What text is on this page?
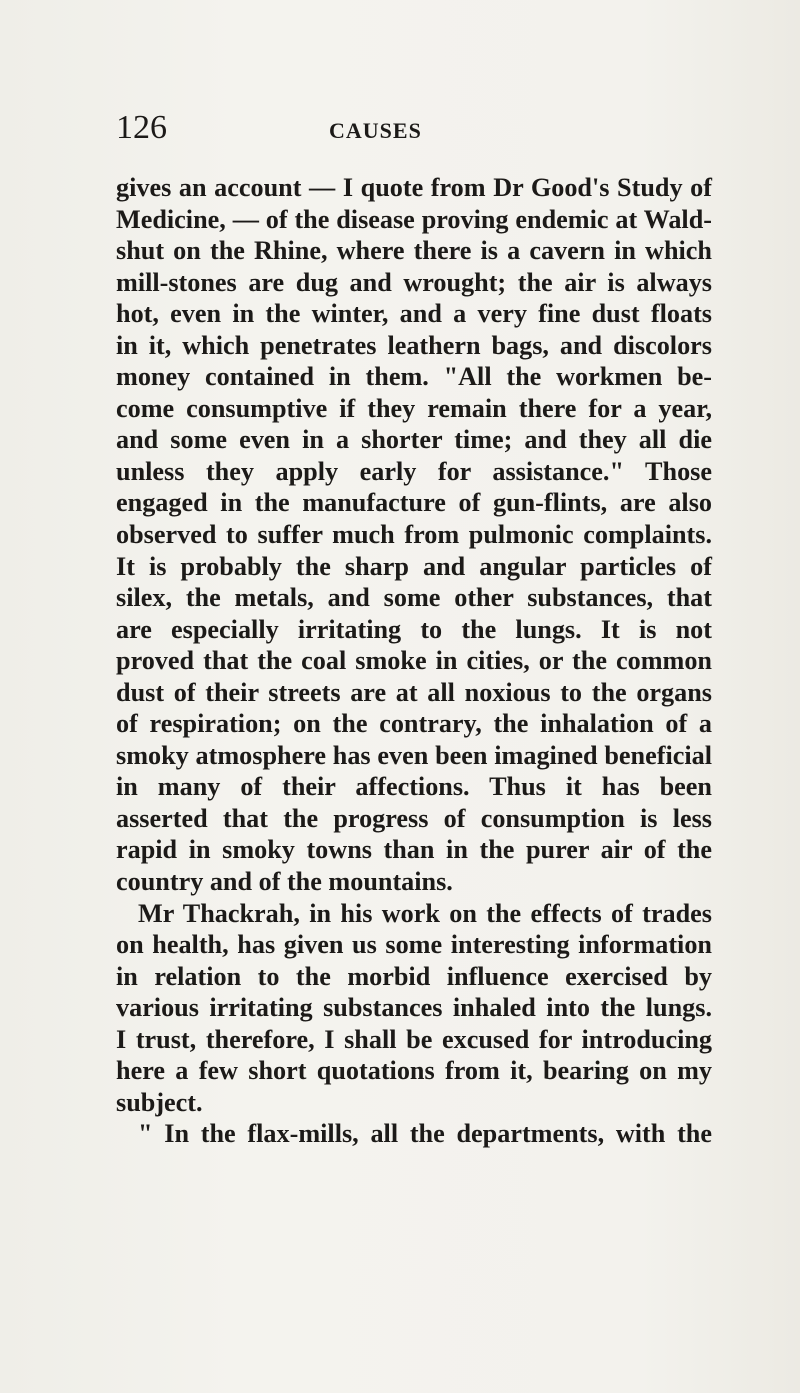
126	CAUSES
gives an account — I quote from Dr Good's Study of
Medicine, — of the disease proving endemic at Wald-
shut on the Rhine, where there is a cavern in which
mill-stones are dug and wrought; the air is always
hot, even in the winter, and a very fine dust floats
in it, which penetrates leathern bags, and discolors
money contained in them. "All the workmen be-
come consumptive if they remain there for a year,
and some even in a shorter time; and they all die
unless they apply early for assistance." Those
engaged in the manufacture of gun-flints, are also
observed to suffer much from pulmonic complaints.
It is probably the sharp and angular particles of
silex, the metals, and some other substances, that
are especially irritating to the lungs. It is not
proved that the coal smoke in cities, or the common
dust of their streets are at all noxious to the organs
of respiration; on the contrary, the inhalation of a
smoky atmosphere has even been imagined beneficial
in many of their affections. Thus it has been
asserted that the progress of consumption is less
rapid in smoky towns than in the purer air of the
country and of the mountains.
Mr Thackrah, in his work on the effects of trades
on health, has given us some interesting information
in relation to the morbid influence exercised by
various irritating substances inhaled into the lungs.
I trust, therefore, I shall be excused for introducing
here a few short quotations from it, bearing on my
subject.
" In the flax-mills, all the departments, with the
